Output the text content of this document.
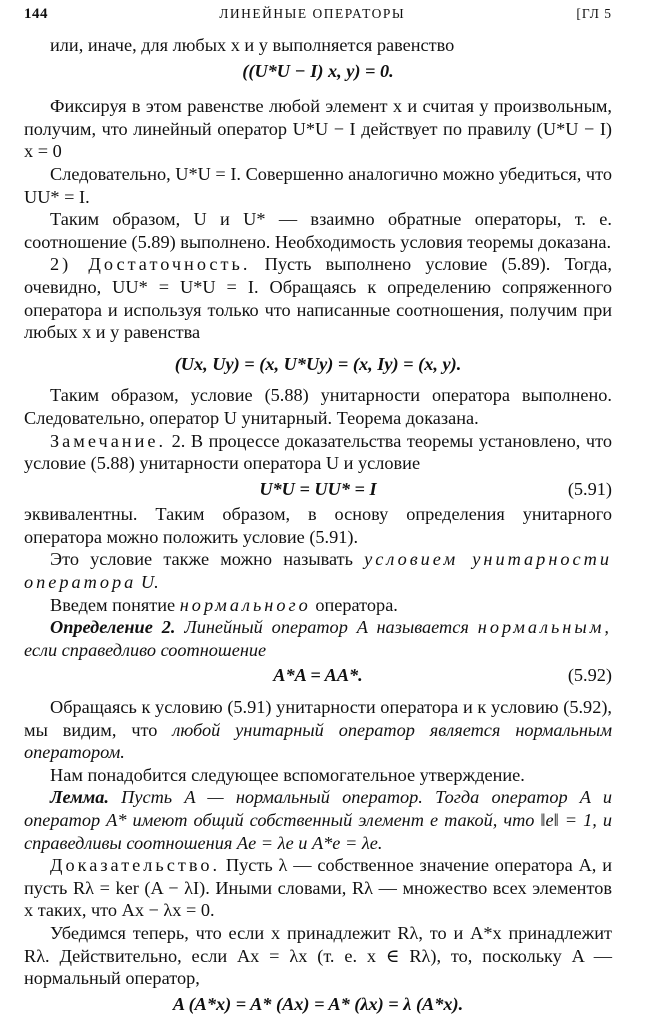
144	ЛИНЕЙНЫЕ ОПЕРАТОРЫ	[ГЛ 5

или, иначе, для любых x и y выполняется равенство

((U*U − I) x, y) = 0.

Фиксируя в этом равенстве любой элемент x и считая y произвольным, получим, что линейный оператор U*U − I действует по правилу (U*U − I) x = 0

Следовательно, U*U = I. Совершенно аналогично можно убедиться, что UU* = I.

Таким образом, U и U* — взаимно обратные операторы, т. е. соотношение (5.89) выполнено. Необходимость условия теоремы доказана.

2) Достаточность. Пусть выполнено условие (5.89). Тогда, очевидно, UU* = U*U = I. Обращаясь к определению сопряженного оператора и используя только что написанные соотношения, получим при любых x и y равенства

(Ux, Uy) = (x, U*Uy) = (x, Iy) = (x, y).

Таким образом, условие (5.88) унитарности оператора выполнено. Следовательно, оператор U унитарный. Теорема доказана.

Замечание. 2. В процессе доказательства теоремы установлено, что условие (5.88) унитарности оператора U и условие

U*U = UU* = I	(5.91)

эквивалентны. Таким образом, в основу определения унитарного оператора можно положить условие (5.91).

Это условие также можно называть условием унитарности оператора U.

Введем понятие нормального оператора.

Определение 2. Линейный оператор A называется нормальным, если справедливо соотношение

A*A = AA*.	(5.92)

Обращаясь к условию (5.91) унитарности оператора и к условию (5.92), мы видим, что любой унитарный оператор является нормальным оператором.

Нам понадобится следующее вспомогательное утверждение.

Лемма. Пусть A — нормальный оператор. Тогда оператор A и оператор A* имеют общий собственный элемент e такой, что ‖e‖ = 1, и справедливы соотношения Ae = λe и A*e = λe.

Доказательство. Пусть λ — собственное значение оператора A, и пусть Rλ = ker (A − λI). Иными словами, Rλ — множество всех элементов x таких, что Ax − λx = 0.

Убедимся теперь, что если x принадлежит Rλ, то и A*x принадлежит Rλ. Действительно, если Ax = λx (т. е. x ∈ Rλ), то, поскольку A — нормальный оператор,

A (A*x) = A* (Ax) = A* (λx) = λ (A*x).
